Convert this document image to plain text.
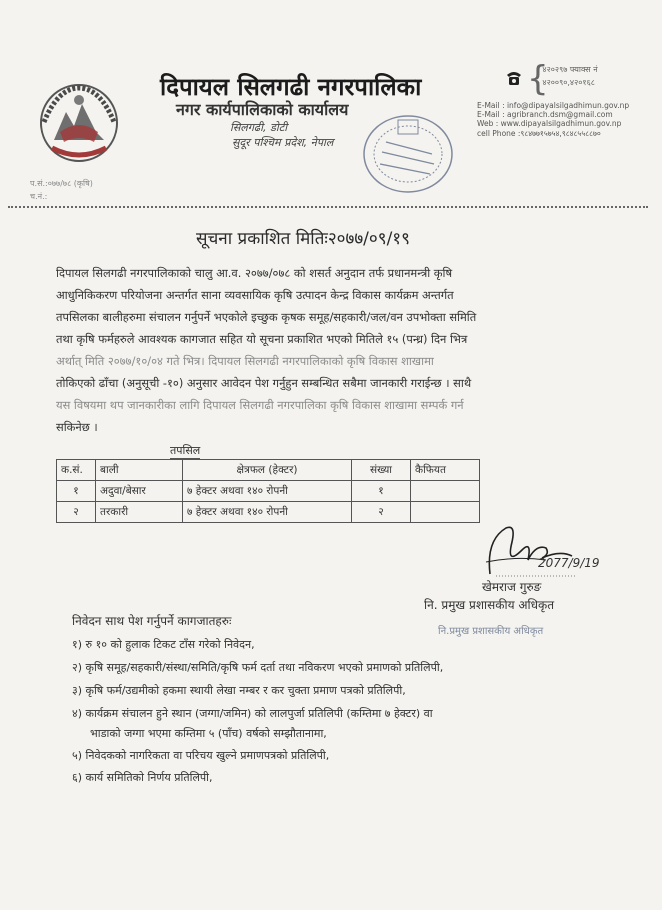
दिपायल सिलगढी नगरपालिका
नगर कार्यपालिकाको कार्यालय
सिलगढी, डोटी
सुदूर पश्चिम प्रदेश, नेपाल
{
- ४२०२९७ फ्याक्स नं
- ४२००९०,४२०१६८
E-Mail : info@dipayalsilgadhimun.gov.np
E-Mail : agribranch.dsm@gmail.com
Web : www.dipayalsilgadhimun.gov.np
cell Phone :९८४७७१५७५४,९८४८५५८८७०
प.सं.:०७७/७८ (कृषि)
च.नं.:
सूचना प्रकाशित मितिः२०७७/०९/१९
दिपायल सिलगढी नगरपालिकाको चालु आ.व. २०७७/०७८ को शसर्त अनुदान तर्फ प्रधानमन्त्री कृषि
आधुनिकिकरण परियोजना अन्तर्गत साना व्यवसायिक कृषि उत्पादन केन्द्र विकास कार्यक्रम अन्तर्गत
तपसिलका बालीहरुमा संचालन गर्नुपर्ने भएकोले इच्छुक कृषक समूह/सहकारी/जल/वन उपभोक्ता समिति
तथा कृषि फर्महरुले आवश्यक कागजात सहित यो सूचना प्रकाशित भएको मितिले १५ (पन्ध्र) दिन भित्र
अर्थात् मिति २०७७/१०/०४ गते भित्र। दिपायल सिलगढी नगरपालिकाको कृषि विकास शाखामा
तोकिएको ढाँचा (अनुसूची -१०) अनुसार आवेदन पेश गर्नुहुन सम्बन्धित सबैमा जानकारी गराईन्छ । साथै
यस विषयमा थप जानकारीका लागि दिपायल सिलगढी नगरपालिका कृषि विकास शाखामा सम्पर्क गर्न
सकिनेछ ।
तपसिल
क.सं.	बाली	क्षेत्रफल (हेक्टर)	संख्या	कैफियत
१	अदुवा/बेसार	७ हेक्टर अथवा १४० रोपनी	१	
२	तरकारी	७ हेक्टर अथवा १४० रोपनी	२	
2077/9/19
खेमराज गुरुङ
नि. प्रमुख प्रशासकीय अधिकृत
नि.प्रमुख प्रशासकीय अधिकृत
निवेदन साथ पेश गर्नुपर्ने कागजातहरुः
१) रु १० को हुलाक टिकट टाँस गरेको निवेदन,
२) कृषि समूह/सहकारी/संस्था/समिति/कृषि फर्म दर्ता तथा नविकरण भएको प्रमाणको प्रतिलिपी,
३) कृषि फर्म/उद्यमीको हकमा स्थायी लेखा नम्बर र कर चुक्ता प्रमाण पत्रको प्रतिलिपी,
४) कार्यक्रम संचालन हुने स्थान (जग्गा/जमिन) को लालपुर्जा प्रतिलिपी (कम्तिमा ७ हेक्टर) वा
भाडाको जग्गा भएमा कम्तिमा ५ (पाँच) वर्षको सम्झौतानामा,
५) निवेदकको नागरिकता वा परिचय खुल्ने प्रमाणपत्रको प्रतिलिपी,
६) कार्य समितिको निर्णय प्रतिलिपी,
